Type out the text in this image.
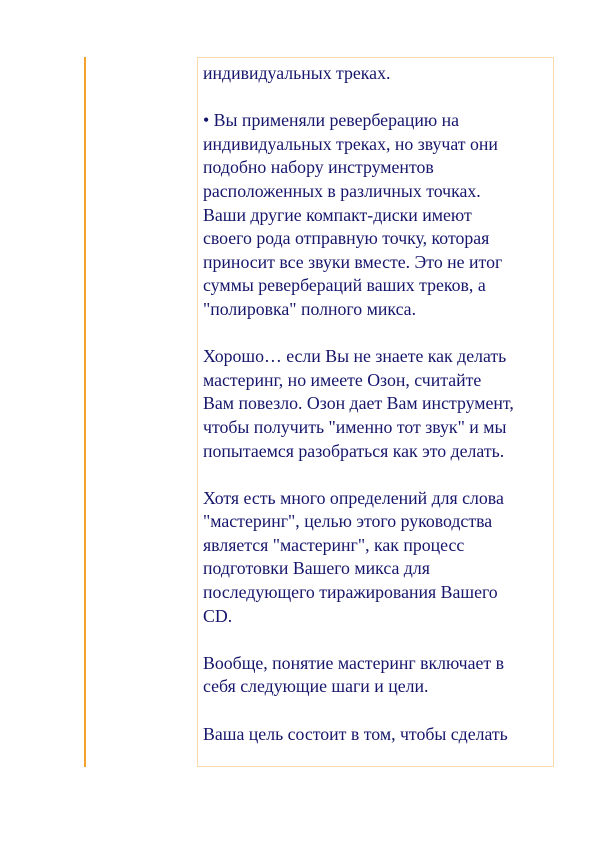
индивидуальных треках.

• Вы применяли реверберацию на
индивидуальных треках, но звучат они
подобно набору инструментов
расположенных в различных точках.
Ваши другие компакт-диски имеют
своего рода отправную точку, которая
приносит все звуки вместе. Это не итог
суммы ревербераций ваших треков, а
"полировка" полного микса.

Хорошо… если Вы не знаете как делать
мастеринг, но имеете Озон, считайте
Вам повезло. Озон дает Вам инструмент,
чтобы получить "именно тот звук" и мы
попытаемся разобраться как это делать.

Хотя есть много определений для слова
"мастеринг", целью этого руководства
является "мастеринг", как процесс
подготовки Вашего микса для
последующего тиражирования Вашего
CD.

Вообще, понятие мастеринг включает в
себя следующие шаги и цели.

Ваша цель состоит в том, чтобы сделать
